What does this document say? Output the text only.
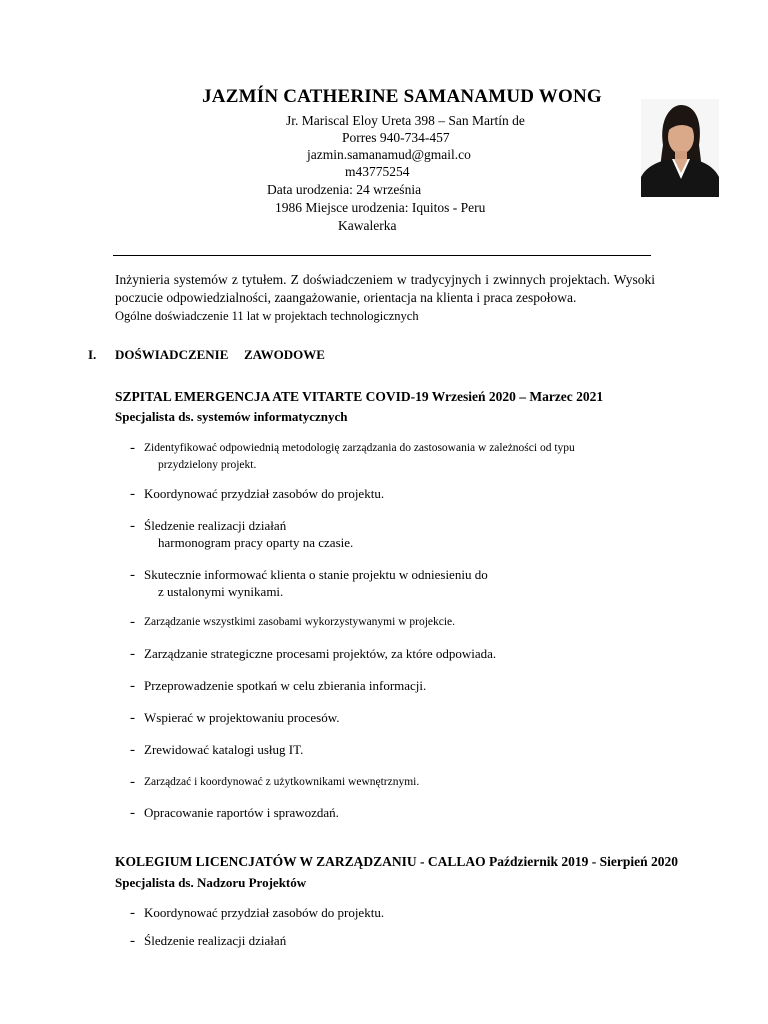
JAZMÍN CATHERINE SAMANAMUD WONG
Jr. Mariscal Eloy Ureta 398 – San Martín de
Porres 940-734-457
jazmin.samanamud@gmail.co
m43775254
Data urodzenia: 24 września
1986 Miejsce urodzenia: Iquitos - Peru
Kawalerka
Inżynieria systemów z tytułem. Z doświadczeniem w tradycyjnych i zwinnych projektach. Wysoki poczucie odpowiedzialności, zaangażowanie, orientacja na klienta i praca zespołowa.
Ogólne doświadczenie 11 lat w projektach technologicznych
I. DOŚWIADCZENIE ZAWODOWE
SZPITAL EMERGENCJA ATE VITARTE COVID-19 Wrzesień 2020 – Marzec 2021
Specjalista ds. systemów informatycznych
- Zidentyfikować odpowiednią metodologię zarządzania do zastosowania w zależności od typu
przydzielony projekt.
- Koordynować przydział zasobów do projektu.
- Śledzenie realizacji działań
harmonogram pracy oparty na czasie.
- Skutecznie informować klienta o stanie projektu w odniesieniu do
z ustalonymi wynikami.
- Zarządzanie wszystkimi zasobami wykorzystywanymi w projekcie.
- Zarządzanie strategiczne procesami projektów, za które odpowiada.
- Przeprowadzenie spotkań w celu zbierania informacji.
- Wspierać w projektowaniu procesów.
- Zrewidować katalogi usług IT.
- Zarządzać i koordynować z użytkownikami wewnętrznymi.
- Opracowanie raportów i sprawozdań.
KOLEGIUM LICENCJATÓW W ZARZĄDZANIU - CALLAO Październik 2019 - Sierpień 2020
Specjalista ds. Nadzoru Projektów
- Koordynować przydział zasobów do projektu.
- Śledzenie realizacji działań
